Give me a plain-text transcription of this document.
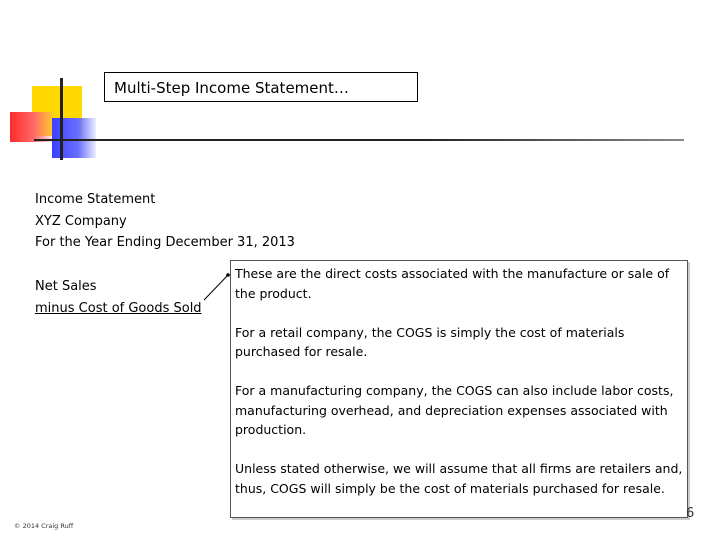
Multi-Step Income Statement…
Income Statement
XYZ Company
For the Year Ending December 31, 2013
Net Sales
minus Cost of Goods Sold

These are the direct costs associated with the manufacture or sale of the product.

For a retail company, the COGS is simply the cost of materials purchased for resale.

For a manufacturing company, the COGS can also include labor costs, manufacturing overhead, and depreciation expenses associated with production.

Unless stated otherwise, we will assume that all firms are retailers and, thus, COGS will simply be the cost of materials purchased for resale.

© 2014 Craig Ruff
6
